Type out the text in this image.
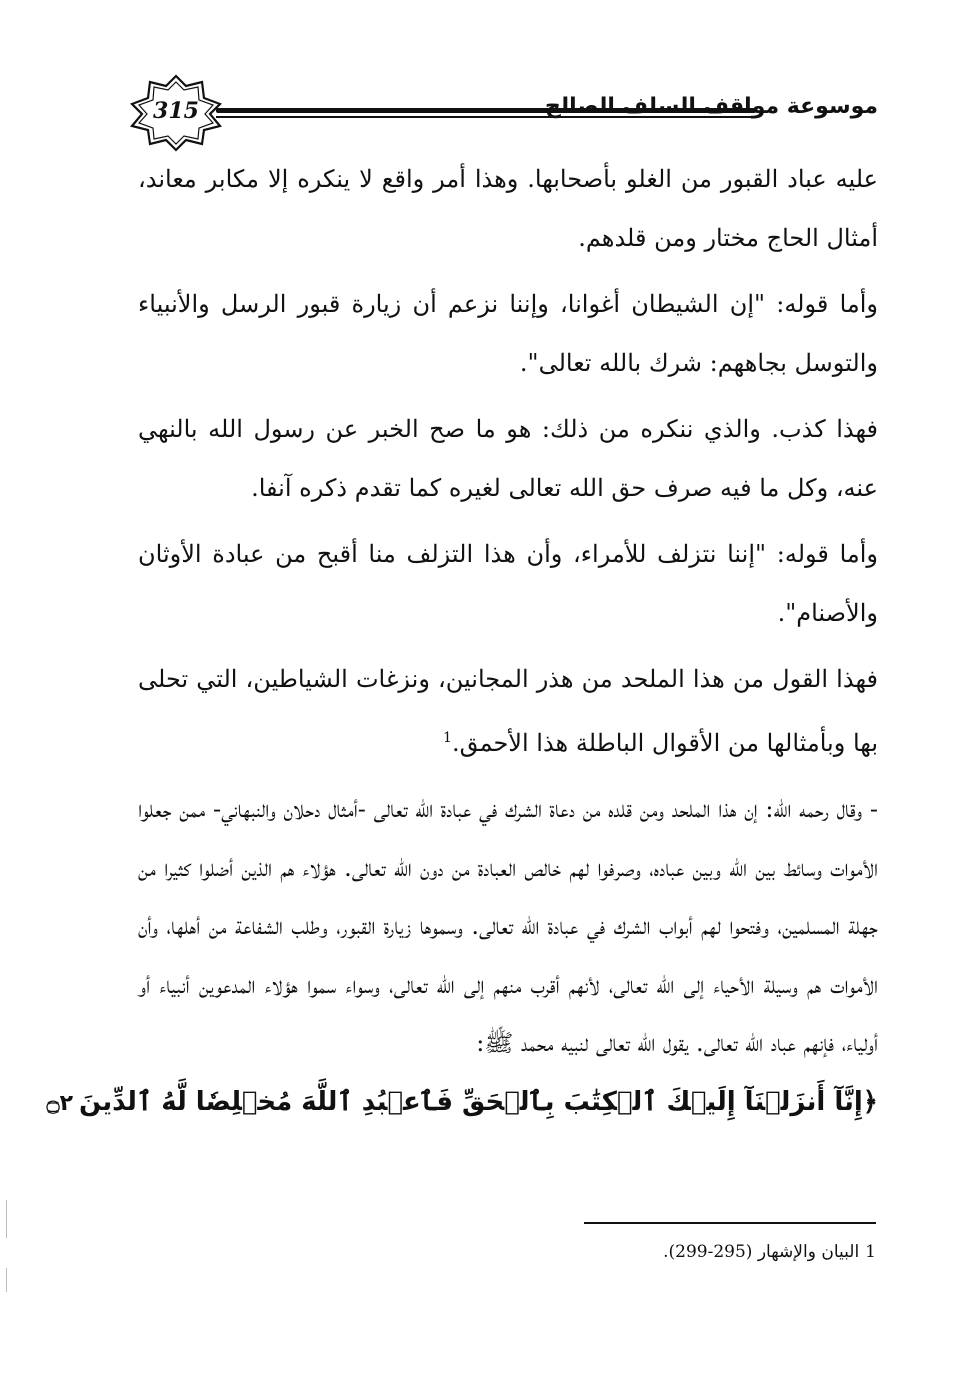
315	موسوعة مواقف السلف الصالح

عليه عباد القبور من الغلو بأصحابها. وهذا أمر واقع لا ينكره إلا مكابر معاند، أمثال الحاج مختار ومن قلدهم.

وأما قوله: "إن الشيطان أغوانا، وإننا نزعم أن زيارة قبور الرسل والأنبياء والتوسل بجاههم: شرك بالله تعالى".

فهذا كذب. والذي ننكره من ذلك: هو ما صح الخبر عن رسول الله بالنهي عنه، وكل ما فيه صرف حق الله تعالى لغيره كما تقدم ذكره آنفا.

وأما قوله: "إننا نتزلف للأمراء، وأن هذا التزلف منا أقبح من عبادة الأوثان والأصنام".

فهذا القول من هذا الملحد من هذر المجانين، ونزغات الشياطين، التي تحلى بها وبأمثالها من الأقوال الباطلة هذا الأحمق.$^1$

- وقال رحمه الله: إن هذا الملحد ومن قلده من دعاة الشرك في عبادة الله تعالى -أمثال دحلان والنبهاني- ممن جعلوا الأموات وسائط بين الله وبين عباده، وصرفوا لهم خالص العبادة من دون الله تعالى. هؤلاء هم الذين أضلوا كثيرا من جهلة المسلمين، وفتحوا لهم أبواب الشرك في عبادة الله تعالى. وسموها زيارة القبور، وطلب الشفاعة من أهلها، وأن الأموات هم وسيلة الأحياء إلى الله تعالى، لأنهم أقرب منهم إلى الله تعالى، وسواء سموا هؤلاء المدعوين أنبياء أو أولياء، فإنهم عباد الله تعالى. يقول الله تعالى لنبيه محمد ﷺ:

﴿إِنَّآ أَنزَلۡنَآ إِلَيۡكَ ٱلۡكِتَٰبَ بِٱلۡحَقِّ فَٱعۡبُدِ ٱللَّهَ مُخۡلِصٗا لَّهُ ٱلدِّينَ۝٢

1البيان والإشهار (295-299).
